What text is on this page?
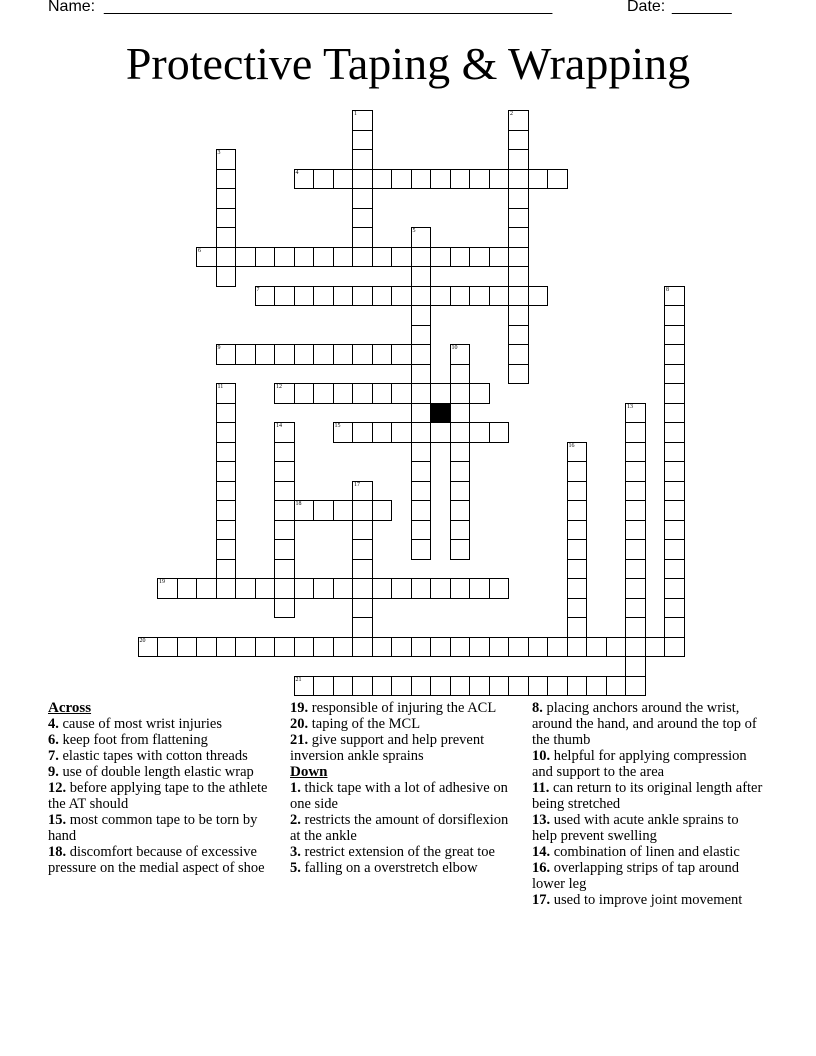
Name: _____________________________________________________	Date: _______
Protective Taping & Wrapping
1	2
3
4
5
6
7	8
9	10
11	12
13
14	15
16
17
18
19
20
21
Across
4. cause of most wrist injuries
6. keep foot from flattening
7. elastic tapes with cotton threads
9. use of double length elastic wrap
12. before applying tape to the athlete the AT should
15. most common tape to be torn by hand
18. discomfort because of excessive pressure on the medial aspect of shoe
19. responsible of injuring the ACL
20. taping of the MCL
21. give support and help prevent inversion ankle sprains
Down
1. thick tape with a lot of adhesive on one side
2. restricts the amount of dorsiflexion at the ankle
3. restrict extension of the great toe
5. falling on a overstretch elbow
8. placing anchors around the wrist, around the hand, and around the top of the thumb
10. helpful for applying compression and support to the area
11. can return to its original length after being stretched
13. used with acute ankle sprains to help prevent swelling
14. combination of linen and elastic
16. overlapping strips of tap around lower leg
17. used to improve joint movement
